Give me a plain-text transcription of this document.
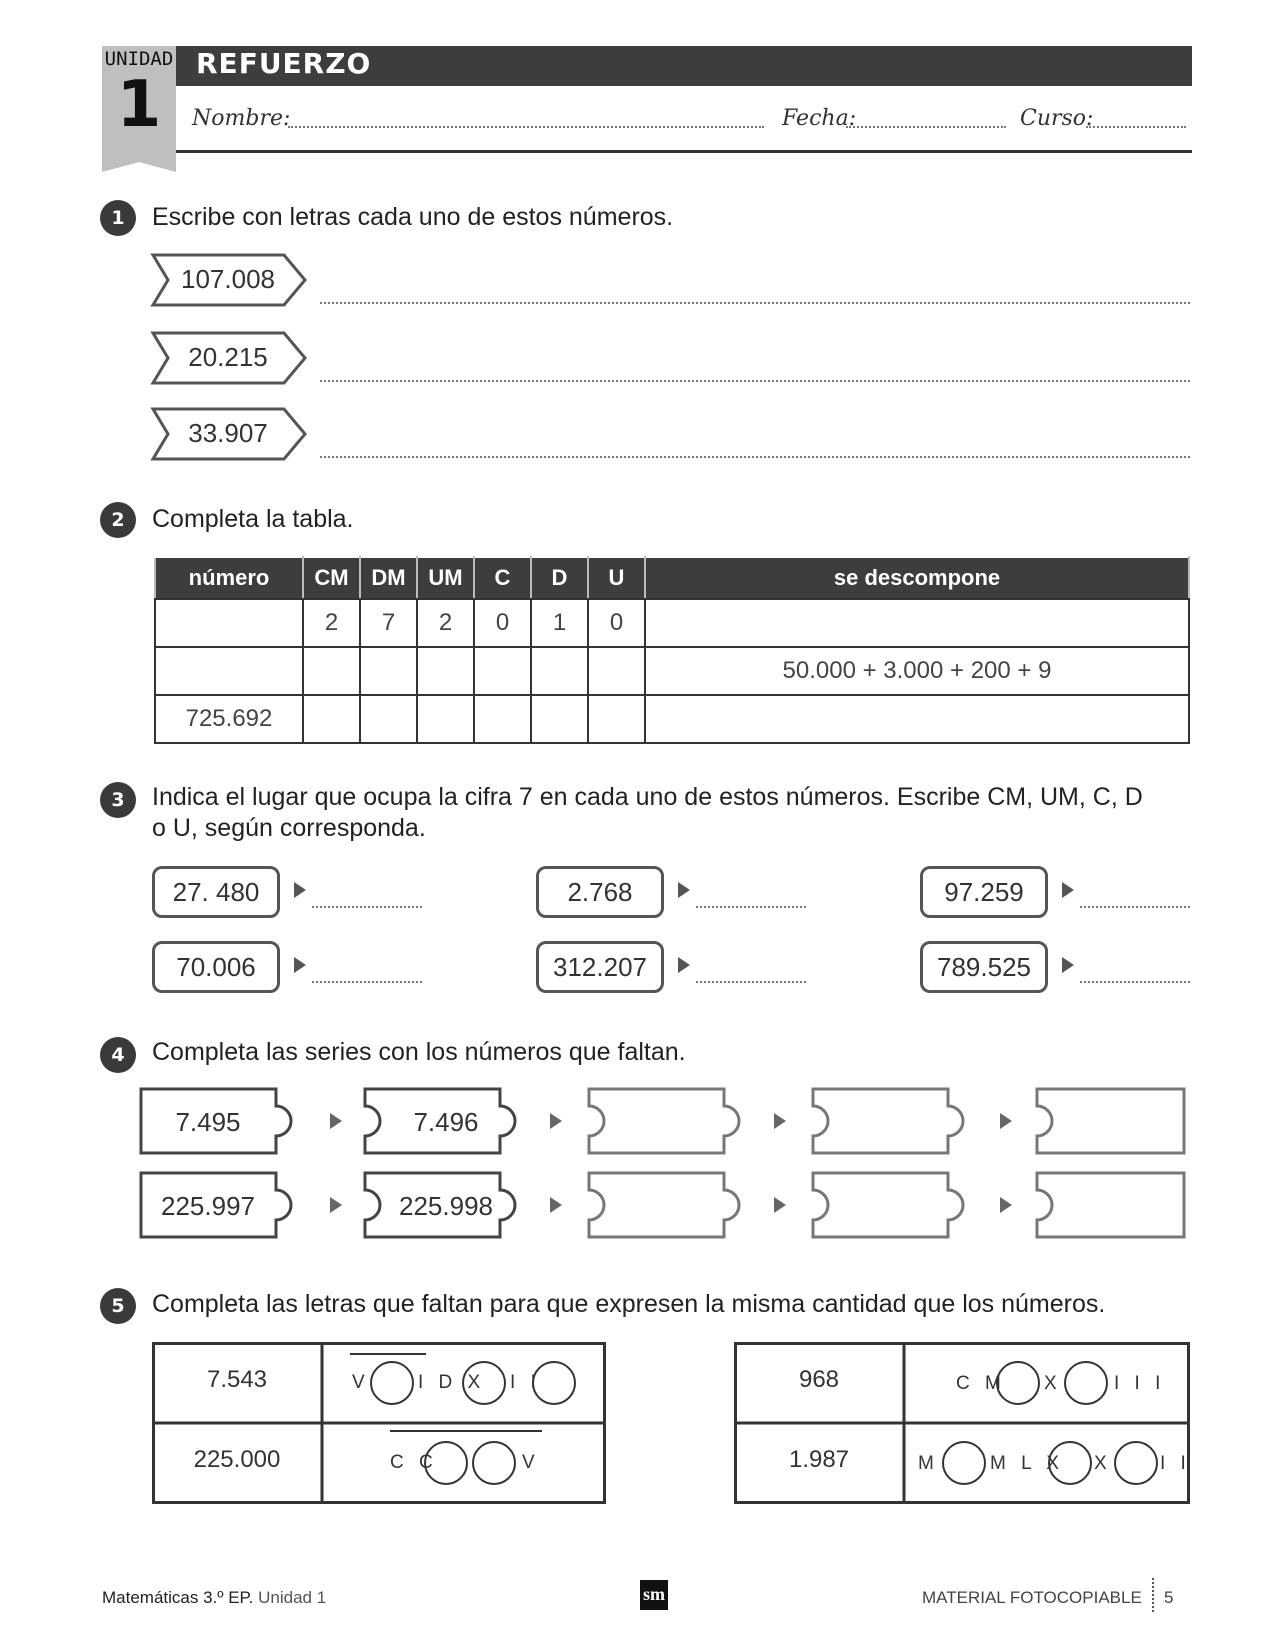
UNIDAD
1
REFUERZO
Nombre:	Fecha:	Curso:
1	Escribe con letras cada uno de estos números.
107.008
20.215
33.907
2	Completa la tabla.
número	CM	DM	UM	C	D	U	se descompone
	2	7	2	0	1	0	
							50.000 + 3.000 + 200 + 9
725.692							
3	Indica el lugar que ocupa la cifra 7 en cada uno de estos números. Escribe CM, UM, C, D
o U, según corresponda.
27. 480	2.768	97.259
70.006	312.207	789.525
4	Completa las series con los números que faltan.
7.495	7.496
225.997	225.998
5	Completa las letras que faltan para que expresen la misma cantidad que los números.
7.543	V	I D X I I
225.000	C C	V
968	C M X	I I I
1.987	M	M L X X	I I
Matemáticas 3.º EP. Unidad 1	sm	MATERIAL FOTOCOPIABLE 5
